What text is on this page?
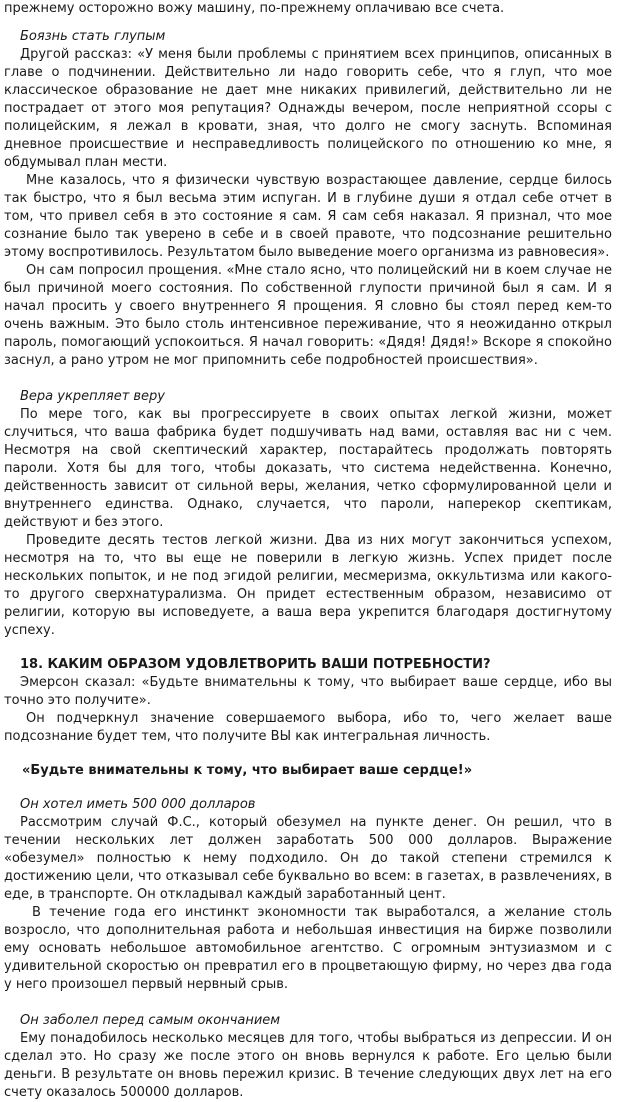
прежнему осторожно вожу машину, по-прежнему оплачиваю все счета.

Боязнь стать глупым

Другой рассказ: «У меня были проблемы с принятием всех принципов, описанных в главе о подчинении. Действительно ли надо говорить себе, что я глуп, что мое классическое образование не дает мне никаких привилегий, действительно ли не пострадает от этого моя репутация? Однажды вечером, после неприятной ссоры с полицейским, я лежал в кровати, зная, что долго не смогу заснуть. Вспоминая дневное происшествие и несправедливость полицейского по отношению ко мне, я обдумывал план мести.

Мне казалось, что я физически чувствую возрастающее давление, сердце билось так быстро, что я был весьма этим испуган. И в глубине души я отдал себе отчет в том, что привел себя в это состояние я сам. Я сам себя наказал. Я признал, что мое сознание было так уверено в себе и в своей правоте, что подсознание решительно этому воспротивилось. Результатом было выведение моего организма из равновесия».

Он сам попросил прощения. «Мне стало ясно, что полицейский ни в коем случае не был причиной моего состояния. По собственной глупости причиной был я сам. И я начал просить у своего внутреннего Я прощения. Я словно бы стоял перед кем-то очень важным. Это было столь интенсивное переживание, что я неожиданно открыл пароль, помогающий успокоиться. Я начал говорить: «Дядя! Дядя!» Вскоре я спокойно заснул, а рано утром не мог припомнить себе подробностей происшествия».

Вера укрепляет веру

По мере того, как вы прогрессируете в своих опытах легкой жизни, может случиться, что ваша фабрика будет подшучивать над вами, оставляя вас ни с чем. Несмотря на свой скептический характер, постарайтесь продолжать повторять пароли. Хотя бы для того, чтобы доказать, что система недейственна. Конечно, действенность зависит от сильной веры, желания, четко сформулированной цели и внутреннего единства. Однако, случается, что пароли, наперекор скептикам, действуют и без этого.

Проведите десять тестов легкой жизни. Два из них могут закончиться успехом, несмотря на то, что вы еще не поверили в легкую жизнь. Успех придет после нескольких попыток, и не под эгидой религии, месмеризма, оккультизма или какого-то другого сверхнатурализма. Он придет естественным образом, независимо от религии, которую вы исповедуете, а ваша вера укрепится благодаря достигнутому успеху.

18. КАКИМ ОБРАЗОМ УДОВЛЕТВОРИТЬ ВАШИ ПОТРЕБНОСТИ?

Эмерсон сказал: «Будьте внимательны к тому, что выбирает ваше сердце, ибо вы точно это получите».

Он подчеркнул значение совершаемого выбора, ибо то, чего желает ваше подсознание будет тем, что получите ВЫ как интегральная личность.

«Будьте внимательны к тому, что выбирает ваше сердце!»

Он хотел иметь 500 000 долларов

Рассмотрим случай Ф.С., который обезумел на пункте денег. Он решил, что в течении нескольких лет должен заработать 500 000 долларов. Выражение «обезумел» полностью к нему подходило. Он до такой степени стремился к достижению цели, что отказывал себе буквально во всем: в газетах, в развлечениях, в еде, в транспорте. Он откладывал каждый заработанный цент.

В течение года его инстинкт экономности так выработался, а желание столь возросло, что дополнительная работа и небольшая инвестиция на бирже позволили ему основать небольшое автомобильное агентство. С огромным энтузиазмом и с удивительной скоростью он превратил его в процветающую фирму, но через два года у него произошел первый нервный срыв.

Он заболел перед самым окончанием

Ему понадобилось несколько месяцев для того, чтобы выбраться из депрессии. И он сделал это. Но сразу же после этого он вновь вернулся к работе. Его целью были деньги. В результате он вновь пережил кризис. В течение следующих двух лет на его счету оказалось 500000 долларов.
